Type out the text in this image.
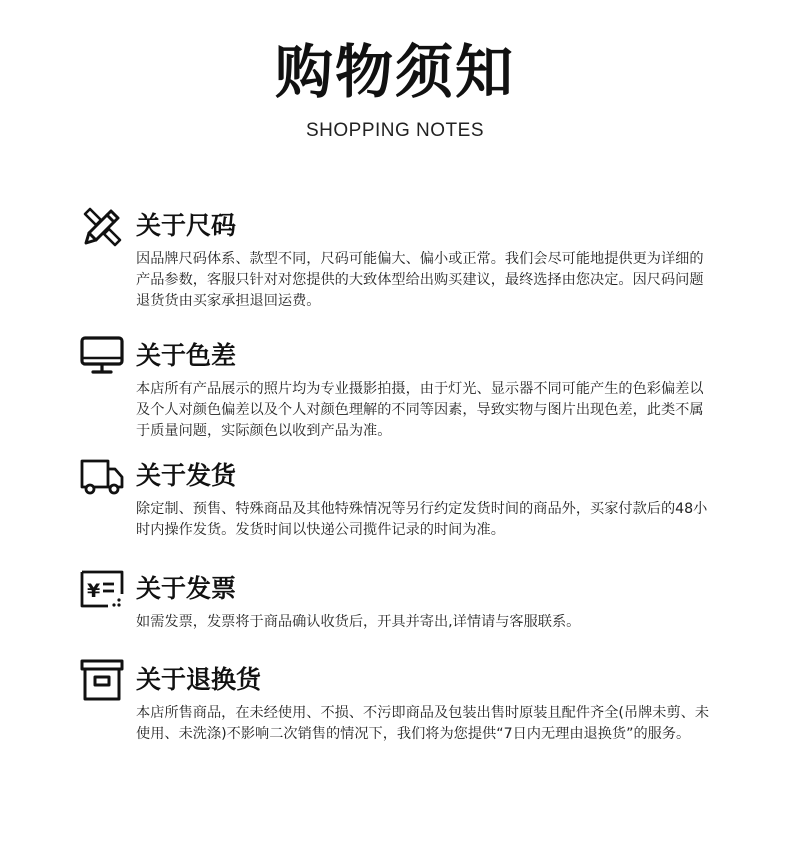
购物须知
SHOPPING NOTES
关于尺码

因品牌尺码体系、款型不同，尺码可能偏大、偏小或正常。我们会尽可能地提供更为详细的产品参数，客服只针对对您提供的大致体型给出购买建议，最终选择由您决定。因尺码问题退货货由买家承担退回运费。

关于色差

本店所有产品展示的照片均为专业摄影拍摄，由于灯光、显示器不同可能产生的色彩偏差以及个人对颜色偏差以及个人对颜色理解的不同等因素，导致实物与图片出现色差，此类不属于质量问题，实际颜色以收到产品为准。

关于发货

除定制、预售、特殊商品及其他特殊情况等另行约定发货时间的商品外，买家付款后的48小时内操作发货。发货时间以快递公司揽件记录的时间为准。

¥ 关于发票

如需发票，发票将于商品确认收货后，开具并寄出,详情请与客服联系。

关于退换货

本店所售商品，在未经使用、不损、不污即商品及包装出售时原装且配件齐全(吊牌未剪、未使用、未洗涤)不影响二次销售的情况下，我们将为您提供“7日内无理由退换货”的服务。
